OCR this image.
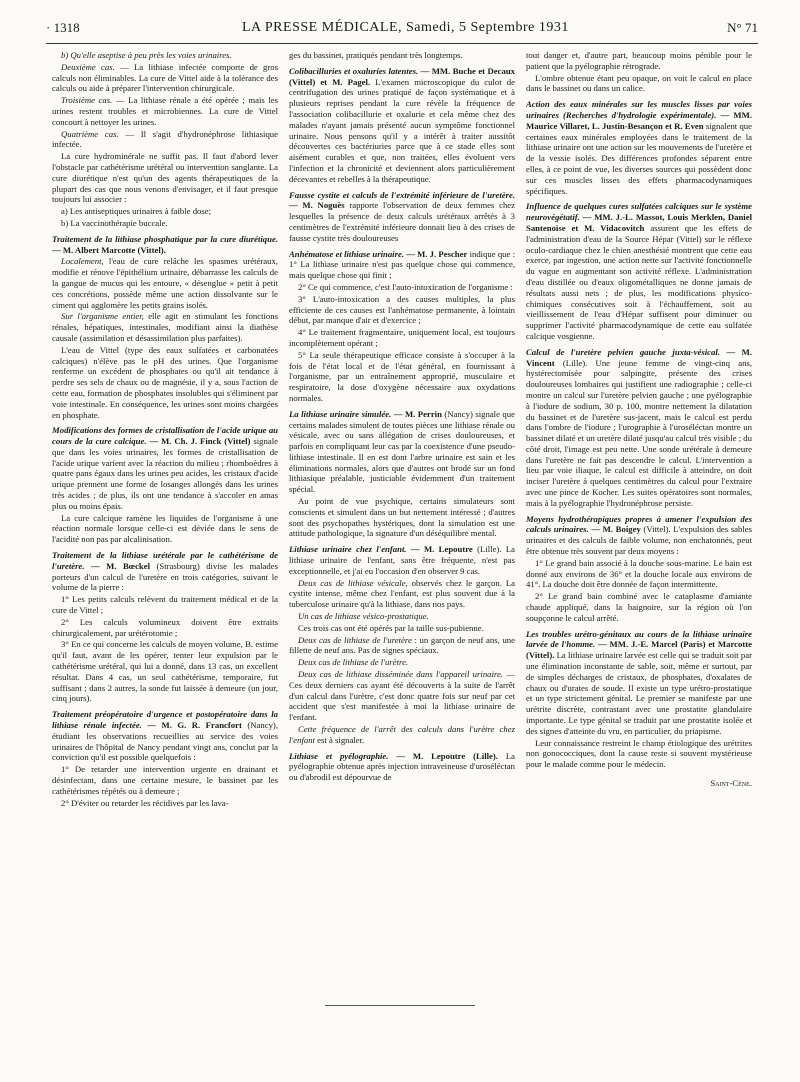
· 1318	LA PRESSE MÉDICALE, Samedi, 5 Septembre 1931	N° 71

b) Qu'elle aseptise à peu près les voies urinaires.

Deuxième cas. — La lithiase infectée comporte de gros calculs non éliminables. La cure de Vittel aide à la tolérance des calculs ou aide à préparer l'intervention chirurgicale.

Troisième cas. — La lithiase rénale a été opérée ; mais les urines restent troubles et microbiennes. La cure de Vittel concourt à nettoyer les urines.

Quatrième cas. — Il s'agit d'hydronéphrose lithiasique infectée.

La cure hydrominérale ne suffit pas. Il faut d'abord lever l'obstacle par cathétérisme urétéral ou intervention sanglante. La cure diurétique n'est qu'un des agents thérapeutiques de la plupart des cas que nous venons d'envisager, et il faut presque toujours lui associer :

a) Les antiseptiques urinaires à faible dose;

b) La vaccinothérapie buccale.

Traitement de la lithiase phosphatique par la cure diurétique. — M. Albert Marcotte (Vittel).

Localement, l'eau de cure relâche les spasmes urétéraux, modifie et rénove l'épithélium urinaire, débarrasse les calculs de la gangue de mucus qui les entoure, « désenglue » petit à petit ces concrétions, possède même une action dissolvante sur le ciment qui agglomère les petits grains isolés.

Sur l'organisme entier, elle agit en stimulant les fonctions rénales, hépatiques, intestinales, modifiant ainsi la diathèse causale (assimilation et désassimilation plus parfaites).

L'eau de Vittel (type des eaux sulfatées et carbonatées calciques) n'élève pas le pH des urines. Que l'organisme renferme un excédent de phosphates ou qu'il ait tendance à perdre ses sels de chaux ou de magnésie, il y a, sous l'action de cette eau, formation de phosphates insolubles qui s'éliminent par voie intestinale. En conséquence, les urines sont moins chargées en phosphate.

Modifications des formes de cristallisation de l'acide urique au cours de la cure calcique. — M. Ch. J. Finck (Vittel) signale que dans les voies urinaires, les formes de cristallisation de l'acide urique varient avec la réaction du milieu ; rhomboèdres à quatre pans égaux dans les urines peu acides, les cristaux d'acide urique prennent une forme de losanges allongés dans les urines très acides ; de plus, ils ont une tendance à s'accoler en amas plus ou moins épais.

La cure calcique ramène les liquides de l'organisme à une réaction normale lorsque celle-ci est déviée dans le sens de l'acidité non pas par alcalinisation.

Traitement de la lithiase urétérale par le cathétérisme de l'uretère. — M. Bœckel (Strasbourg) divise les malades porteurs d'un calcul de l'uretère en trois catégories, suivant le volume de la pierre :

1° Les petits calculs relèvent du traitement médical et de la cure de Vittel ;

2° Les calculs volumineux doivent être extraits chirurgicalement, par urétérotomie ;

3° En ce qui concerne les calculs de moyen volume, B. estime qu'il faut, avant de les opérer, tenter leur expulsion par le cathétérisme urétéral, qui lui a donné, dans 13 cas, un excellent résultat. Dans 4 cas, un seul cathétérisme, temporaire, fut suffisant ; dans 2 autres, la sonde fut laissée à demeure (un jour, cinq jours).

Traitement préopératoire d'urgence et postopératoire dans la lithiase rénale infectée. — M. G. R. Francfort (Nancy), étudiant les observations recueillies au service des voies urinaires de l'hôpital de Nancy pendant vingt ans, conclut par la conviction qu'il est possible quelquefois :

1° De retarder une intervention urgente en drainant et désinfectant, dans une certaine mesure, le bassinet par les cathétérismes répétés ou à demeure ;

2° D'éviter ou retarder les récidives par les lava-

ges du bassinet, pratiqués pendant très longtemps.

Colibacilluries et oxaluries latentes. — MM. Buche et Decaux (Vittel) et M. Pagel. L'examen microscopique du culot de centrifugation des urines pratiqué de façon systématique et à plusieurs reprises pendant la cure révèle la fréquence de l'association colibacillurie et oxalurie et cela même chez des malades n'ayant jamais présenté aucun symptôme fonctionnel urinaire. Nous pensons qu'il y a intérêt à traiter aussitôt découvertes ces bactériuries parce que à ce stade elles sont aisément curables et que, non traitées, elles évoluent vers l'infection et la chronicité et deviennent alors particulièrement décevantes et rebelles à la thérapeutique.

Fausse cystite et calculs de l'extrémité inférieure de l'uretère. — M. Noguès rapporte l'observation de deux femmes chez lesquelles la présence de deux calculs urétéraux arrêtés à 3 centimètres de l'extrémité inférieure donnait lieu à des crises de fausse cystite très douloureuses

Anhématose et lithiase urinaire. — M. J. Pescher indique que : 1° La lithiase urinaire n'est pas quelque chose qui commence, mais quelque chose qui finit ;

2° Ce qui commence, c'est l'auto-intoxication de l'organisme :

3° L'auto-intoxication a des causes multiples, la plus efficiente de ces causes est l'anhématose permanente, à lointain début, par manque d'air et d'exercice ;

4° Le traitement fragmentaire, uniquement local, est toujours incomplètement opérant ;

5° La seule thérapeutique efficace consiste à s'occuper à la fois de l'état local et de l'état général, en fournissant à l'organisme, par un entraînement approprié, musculaire et respiratoire, la dose d'oxygène nécessaire aux oxydations normales.

La lithiase urinaire simulée. — M. Perrin (Nancy) signale que certains malades simulent de toutes pièces une lithiase rénale ou vésicale, avec ou sans allégation de crises douloureuses, et parfois en compliquant leur cas par la coexistence d'une pseudo-lithiase intestinale. Il en est dont l'arbre urinaire est sain et les éliminations normales, alors que d'autres ont brodé sur un fond lithiasique préalable, justiciable évidemment d'un traitement spécial.

Au point de vue psychique, certains simulateurs sont conscients et simulent dans un but nettement intéressé ; d'autres sont des psychopathes hystériques, dont la simulation est une attitude pathologique, la signature d'un déséquilibre mental.

Lithiase urinaire chez l'enfant. — M. Lepoutre (Lille). La lithiase urinaire de l'enfant, sans être fréquente, n'est pas exceptionnelle, et j'ai eu l'occasion d'en observer 9 cas.

Deux cas de lithiase vésicale, observés chez le garçon. La cystite intense, même chez l'enfant, est plus souvent due à la tuberculose urinaire qu'à la lithiase, dans nos pays.

Un cas de lithiase vésico-prostatique.

Ces trois cas ont été opérés par la taille sus-pubienne.

Deux cas de lithiase de l'uretère : un garçon de neuf ans, une fillette de neuf ans. Pas de signes spéciaux.

Deux cas de lithiase de l'urètre.

Deux cas de lithiase disséminée dans l'appareil urinaire. — Ces deux derniers cas ayant été découverts à la suite de l'arrêt d'un calcul dans l'urètre, c'est donc quatre fois sur neuf par cet accident que s'est manifestée à moi la lithiase urinaire de l'enfant.

Cette fréquence de l'arrêt des calculs dans l'urètre chez l'enfant est à signaler.

Lithiase et pyélographie. — M. Lepoutre (Lille). La pyélographie obtenue après injection intraveineuse d'uroséléctan ou d'abrodil est dépourvue de

tout danger et, d'autre part, beaucoup moins pénible pour le patient que la pyélographie rétrograde.

L'ombre obtenue étant peu opaque, on voit le calcul en place dans le bassinet ou dans un calice.

Action des eaux minérales sur les muscles lisses par voies urinaires (Recherches d'hydrologie expérimentale). — MM. Maurice Villaret, L. Justin-Besançon et R. Even signalent que certaines eaux minérales employées dans le traitement de la lithiase urinaire ont une action sur les mouvements de l'uretère et de la vessie isolés. Des différences profondes séparent entre elles, à ce point de vue, les diverses sources qui possèdent donc sur ces muscles lisses des effets pharmacodynamiques spécifiques.

Influence de quelques cures sulfatées calciques sur le système neurovégétatif. — MM. J.-L. Massot, Louis Merklen, Daniel Santenoise et M. Vidacovitch assurent que les effets de l'administration d'eau de la Source Hépar (Vittel) sur le réflexe oculo-cardiaque chez le chien anesthésié montrent que cette eau exerce, par ingestion, une action nette sur l'activité fonctionnelle du vague en augmentant son activité réflexe. L'administration d'eau distillée ou d'eaux oligométalliques ne donne jamais de résultats aussi nets ; de plus, les modifications physico-chimiques consécutives soit à l'échauffement, soit au vieillissement de l'eau d'Hépar suffisent pour diminuer ou supprimer l'activité pharmacodynamique de cette eau sulfatée calcique vosgienne.

Calcul de l'uretère pelvien gauche juxta-vésical. — M. Vincent (Lille). Une jeune femme de vingt-cinq ans, hystérectomisée pour salpingite, présente des crises douloureuses lombaires qui justifient une radiographie ; celle-ci montre un calcul sur l'uretère pelvien gauche ; une pyélographie à l'iodure de sodium, 30 p. 100, montre nettement la dilatation du bassinet et de l'uretère sus-jacent, mais le calcul est perdu dans l'ombre de l'iodure ; l'urographie à l'uroséléctan montre un bassinet dilaté et un uretère dilaté jusqu'au calcul très visible ; du côté droit, l'image est peu nette. Une sonde urétérale à demeure dans l'uretère ne fait pas descendre le calcul. L'intervention a lieu par voie iliaque, le calcul est difficile à atteindre, on doit inciser l'uretère à quelques centimètres du calcul pour l'extraire avec une pince de Kocher. Les suites opératoires sont normales, mais à la pyélographie l'hydronéphrose persiste.

Moyens hydrothérapiques propres à amener l'expulsion des calculs urinaires. — M. Boigey (Vittel). L'expulsion des sables urinaires et des calculs de faible volume, non enchatonnés, peut être obtenue très souvent par deux moyens :

1° Le grand bain associé à la douche sous-marine. Le bain est donné aux environs de 36° et la douche locale aux environs de 41°. La douche doit être donnée de façon intermittente.

2° Le grand bain combiné avec le cataplasme d'amiante chaude appliqué, dans la baignoire, sur la région où l'on soupçonne le calcul arrêté.

Les troubles urétro-génitaux au cours de la lithiase urinaire larvée de l'homme. — MM. J.-E. Marcel (Paris) et Marcotte (Vittel). La lithiase urinaire larvée est celle qui se traduit soit par une élimination inconstante de sable, soit, même et surtout, par de simples décharges de cristaux, de phosphates, d'oxalates de chaux ou d'urates de soude. Il existe un type urétro-prostatique et un type strictement génital. Le premier se manifeste par une urétrite discrète, contrastant avec une prostatite glandulaire importante. Le type génital se traduit par une prostatite isolée et des signes d'atteinte du vru, en particulier, du priapisme.

Leur connaissance restreint le champ étiologique des urétrites non gonococciques, dont la cause reste si souvent mystérieuse pour le malade comme pour le médecin.

Saint-Cène.
